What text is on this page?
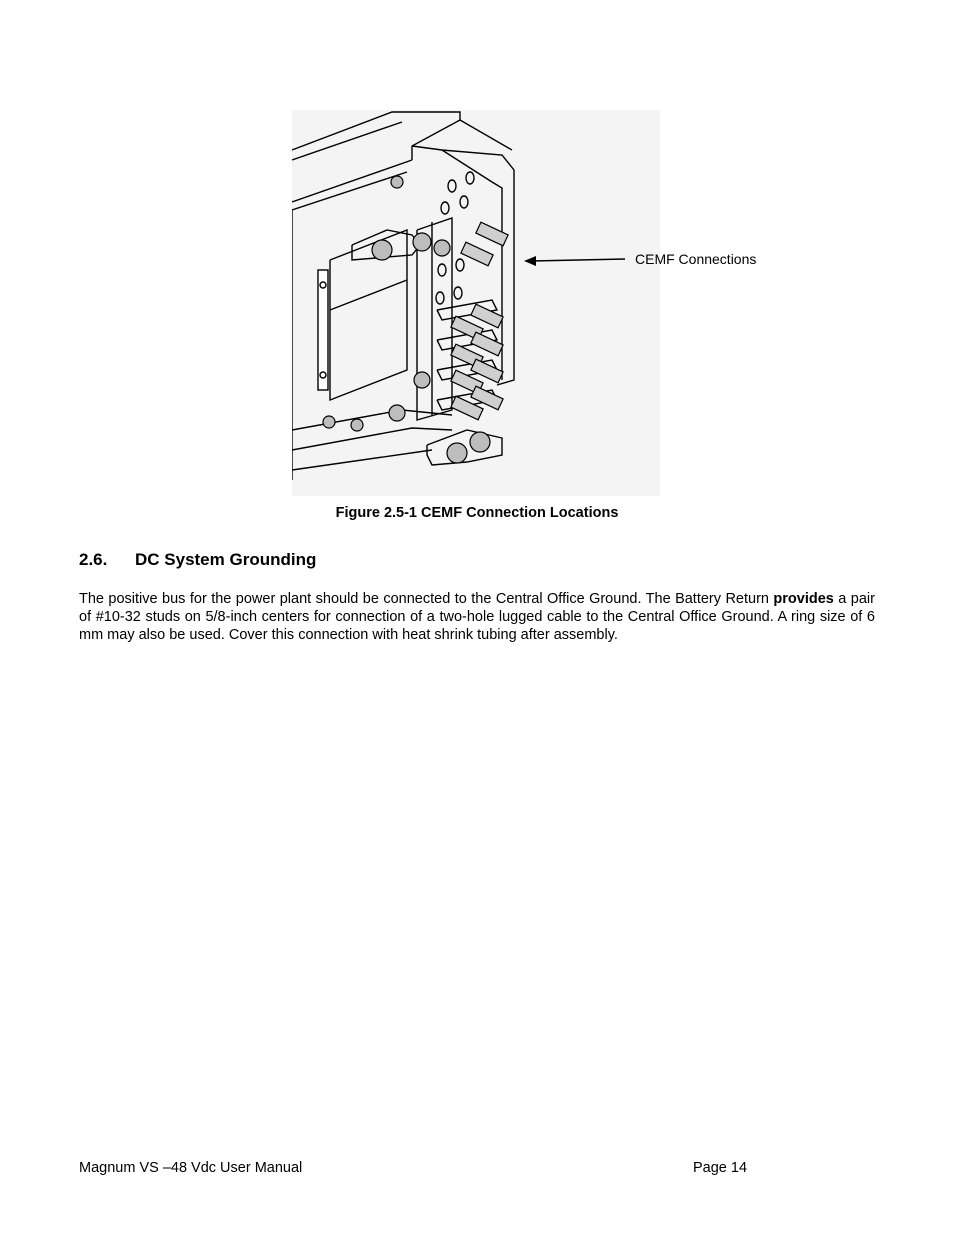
CEMF Connections
Figure 2.5-1 CEMF Connection Locations
2.6. DC System Grounding
The positive bus for the power plant should be connected to the Central Office Ground. The Battery Return provides a pair of #10-32 studs on 5/8-inch centers for connection of a two-hole lugged cable to the Central Office Ground. A ring size of 6 mm may also be used. Cover this connection with heat shrink tubing after assembly.
Magnum VS –48 Vdc User Manual	Page 14
